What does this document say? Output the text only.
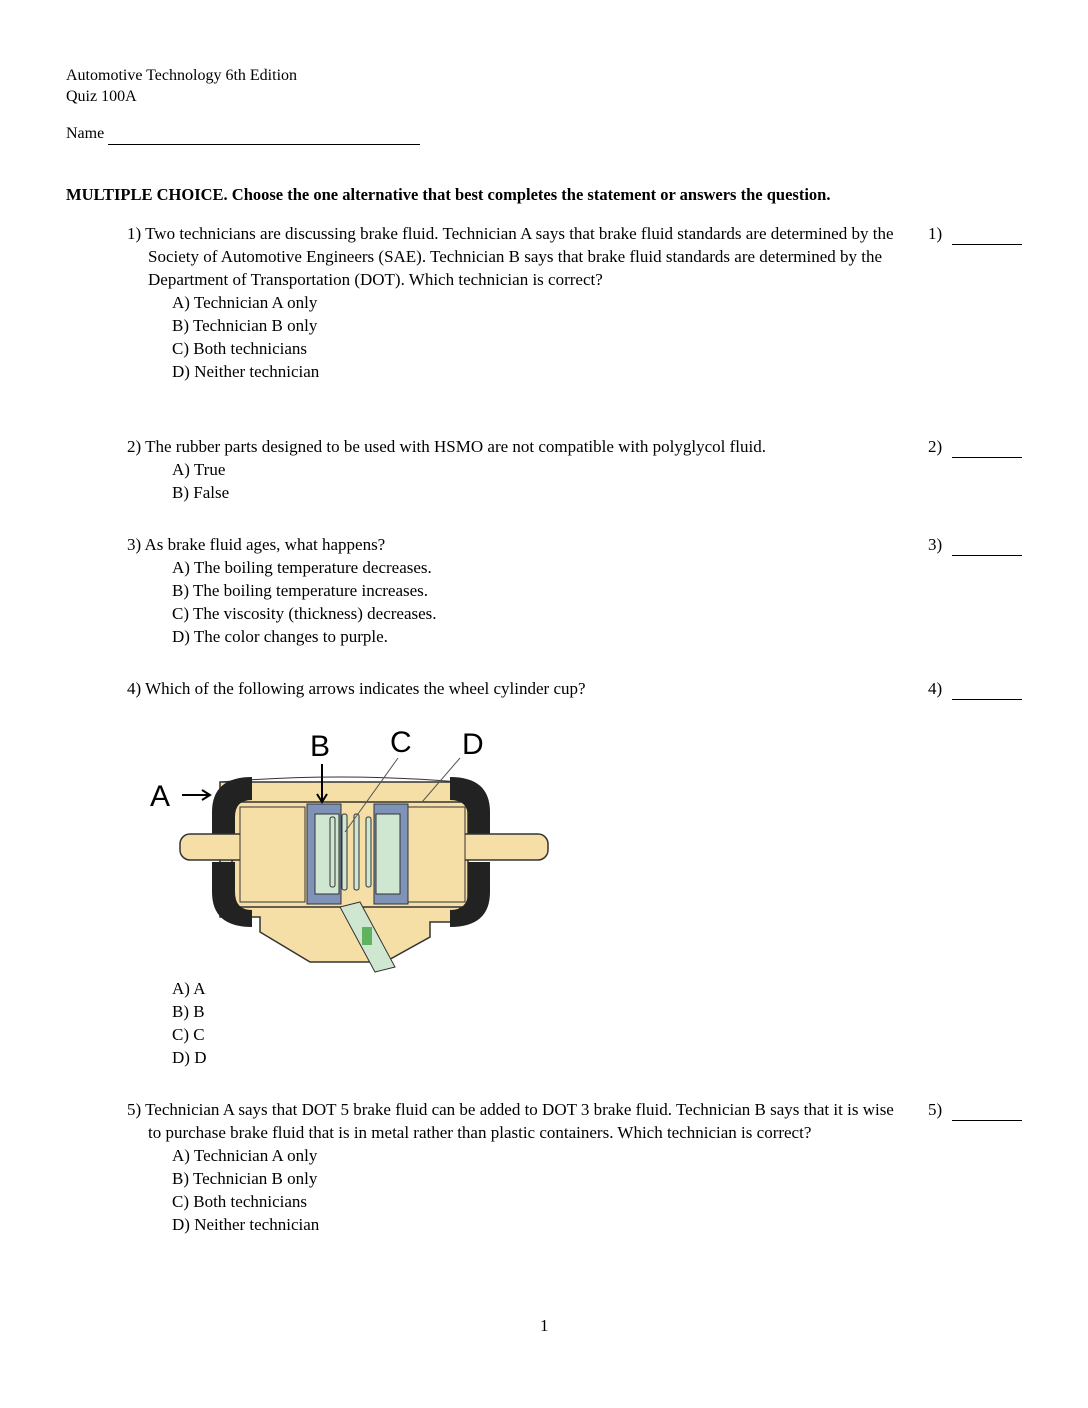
Automotive Technology 6th Edition
Quiz 100A
Name
MULTIPLE CHOICE. Choose the one alternative that best completes the statement or answers the question.
1) Two technicians are discussing brake fluid. Technician A says that brake fluid standards are determined by the Society of Automotive Engineers (SAE). Technician B says that brake fluid standards are determined by the Department of Transportation (DOT). Which technician is correct?
A) Technician A only
B) Technician B only
C) Both technicians
D) Neither technician
1)
2) The rubber parts designed to be used with HSMO are not compatible with polyglycol fluid.
A) True
B) False
2)
3) As brake fluid ages, what happens?
A) The boiling temperature decreases.
B) The boiling temperature increases.
C) The viscosity (thickness) decreases.
D) The color changes to purple.
3)
4) Which of the following arrows indicates the wheel cylinder cup?	4)
A
B C D
A) A
B) B
C) C
D) D
5) Technician A says that DOT 5 brake fluid can be added to DOT 3 brake fluid. Technician B says that it is wise to purchase brake fluid that is in metal rather than plastic containers. Which technician is correct?
A) Technician A only
B) Technician B only
C) Both technicians
D) Neither technician
5)
1
